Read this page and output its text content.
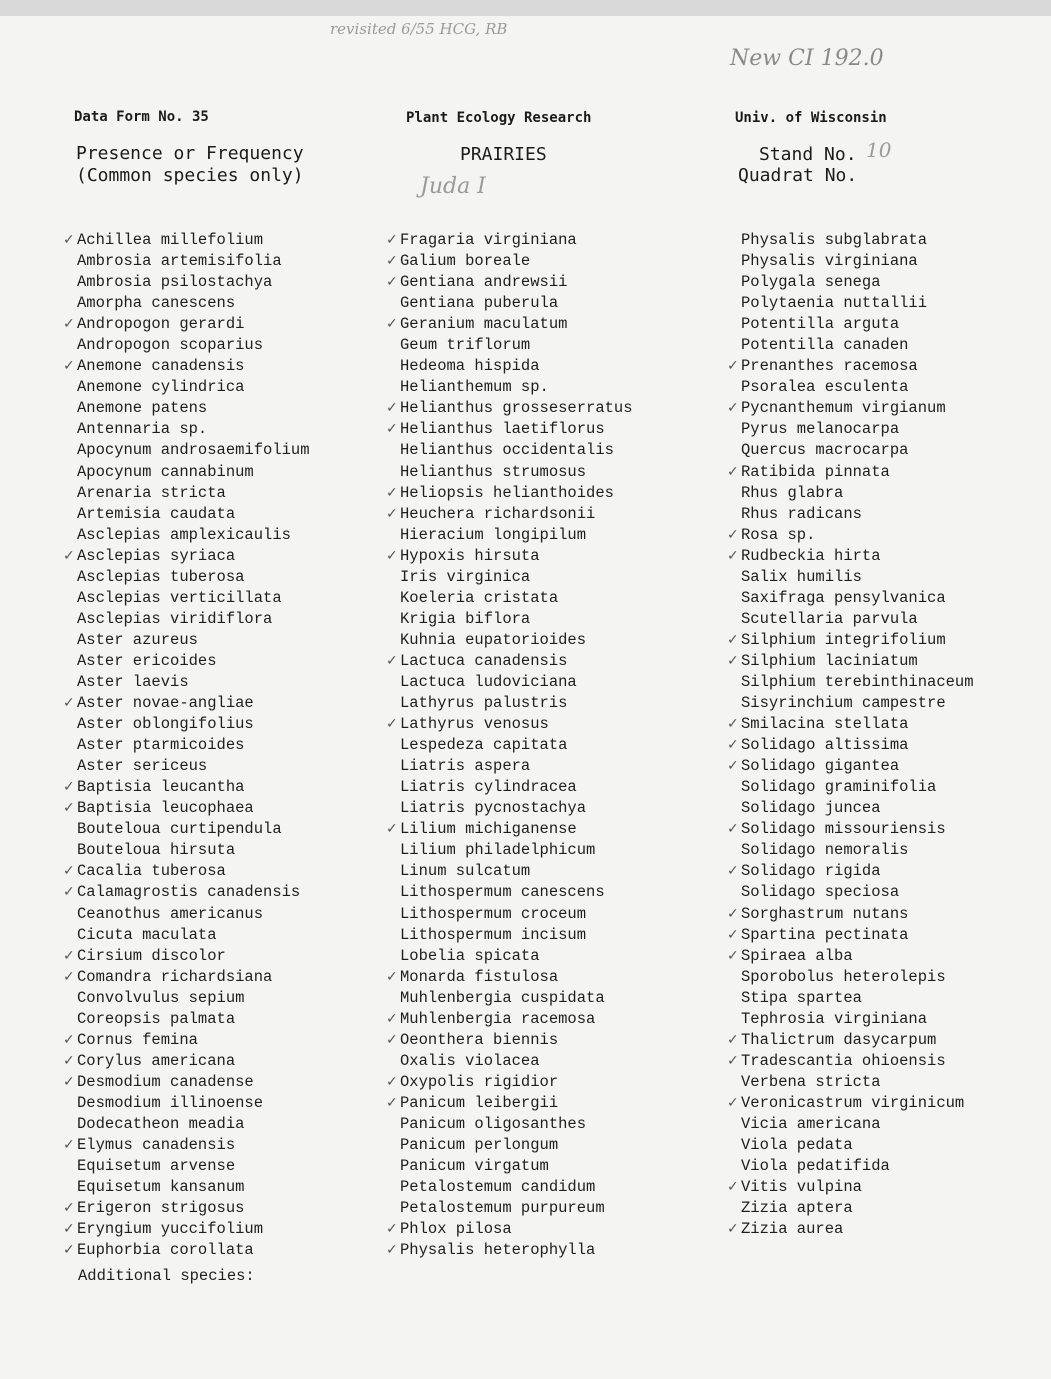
revisited 6/55 HCG, RB
New CI 192.0
Data Form No. 35	Plant Ecology Research	Univ. of Wisconsin
Presence or Frequency
(Common species only)
PRAIRIES	Stand No. 10
Quadrat No.
Juda I
✓ Achillea millefolium
Ambrosia artemisifolia
Ambrosia psilostachya
Amorpha canescens
✓ Andropogon gerardi
Andropogon scoparius
✓ Anemone canadensis
Anemone cylindrica
Anemone patens
Antennaria sp.
Apocynum androsaemifolium
Apocynum cannabinum
Arenaria stricta
Artemisia caudata
Asclepias amplexicaulis
✓ Asclepias syriaca
Asclepias tuberosa
Asclepias verticillata
Asclepias viridiflora
Aster azureus
Aster ericoides
Aster laevis
✓ Aster novae-angliae
Aster oblongifolius
Aster ptarmicoides
Aster sericeus
✓ Baptisia leucantha
✓ Baptisia leucophaea
Bouteloua curtipendula
Bouteloua hirsuta
✓ Cacalia tuberosa
✓ Calamagrostis canadensis
Ceanothus americanus
Cicuta maculata
✓ Cirsium discolor
✓ Comandra richardsiana
Convolvulus sepium
Coreopsis palmata
✓ Cornus femina
✓ Corylus americana
✓ Desmodium canadense
Desmodium illinoense
Dodecatheon meadia
✓ Elymus canadensis
Equisetum arvense
Equisetum kansanum
✓ Erigeron strigosus
✓ Eryngium yuccifolium
✓ Euphorbia corollata
✓ Fragaria virginiana
✓ Galium boreale
✓ Gentiana andrewsii
Gentiana puberula
✓ Geranium maculatum
Geum triflorum
Hedeoma hispida
Helianthemum sp.
✓ Helianthus grosseserratus
✓ Helianthus laetiflorus
Helianthus occidentalis
Helianthus strumosus
✓ Heliopsis helianthoides
✓ Heuchera richardsonii
Hieracium longipilum
✓ Hypoxis hirsuta
Iris virginica
Koeleria cristata
Krigia biflora
Kuhnia eupatorioides
✓ Lactuca canadensis
Lactuca ludoviciana
Lathyrus palustris
✓ Lathyrus venosus
Lespedeza capitata
Liatris aspera
Liatris cylindracea
Liatris pycnostachya
✓ Lilium michiganense
Lilium philadelphicum
Linum sulcatum
Lithospermum canescens
Lithospermum croceum
Lithospermum incisum
Lobelia spicata
✓ Monarda fistulosa
Muhlenbergia cuspidata
✓ Muhlenbergia racemosa
✓ Oeonthera biennis
Oxalis violacea
✓ Oxypolis rigidior
✓ Panicum leibergii
Panicum oligosanthes
Panicum perlongum
Panicum virgatum
Petalostemum candidum
Petalostemum purpureum
✓ Phlox pilosa
✓ Physalis heterophylla
Physalis subglabrata
Physalis virginiana
Polygala senega
Polytaenia nuttallii
Potentilla arguta
Potentilla canaden
✓ Prenanthes racemosa
Psoralea esculenta
✓ Pycnanthemum virgianum
Pyrus melanocarpa
Quercus macrocarpa
✓ Ratibida pinnata
Rhus glabra
Rhus radicans
✓ Rosa sp.
✓ Rudbeckia hirta
Salix humilis
Saxifraga pensylvanica
Scutellaria parvula
✓ Silphium integrifolium
✓ Silphium laciniatum
Silphium terebinthinaceum
Sisyrinchium campestre
✓ Smilacina stellata
✓ Solidago altissima
✓ Solidago gigantea
Solidago graminifolia
Solidago juncea
✓ Solidago missouriensis
Solidago nemoralis
✓ Solidago rigida
Solidago speciosa
✓ Sorghastrum nutans
✓ Spartina pectinata
✓ Spiraea alba
Sporobolus heterolepis
Stipa spartea
Tephrosia virginiana
✓ Thalictrum dasycarpum
✓ Tradescantia ohioensis
Verbena stricta
✓ Veronicastrum virginicum
Vicia americana
Viola pedata
Viola pedatifida
✓ Vitis vulpina
Zizia aptera
✓ Zizia aurea
Additional species:
